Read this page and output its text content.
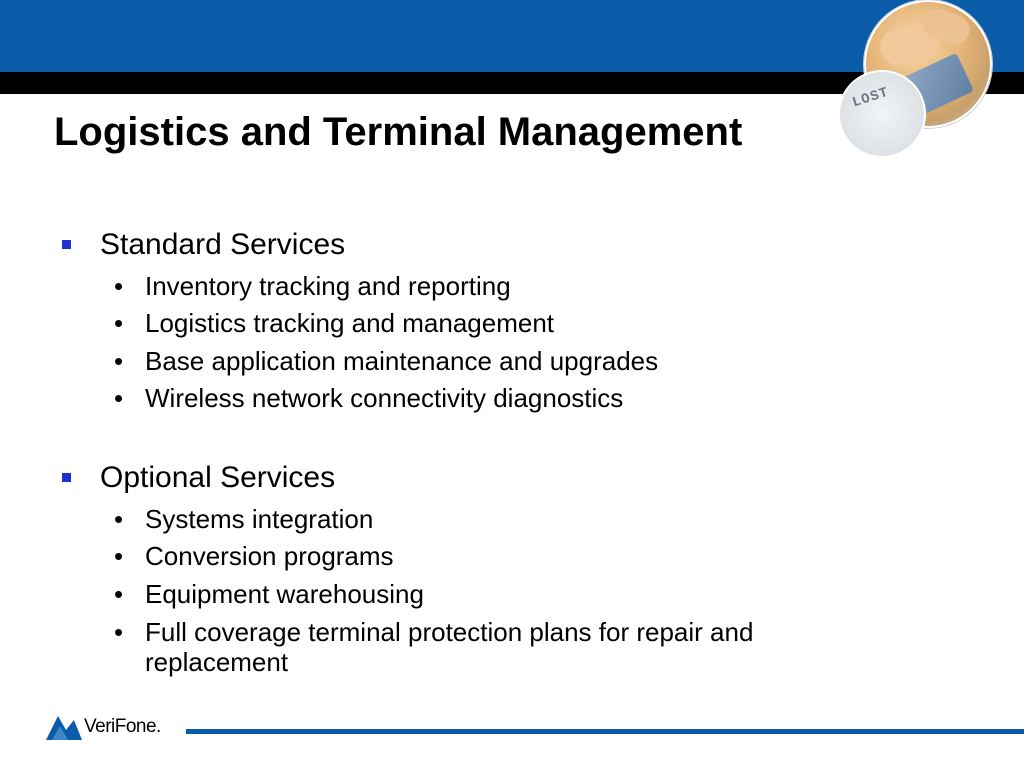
LOST
Logistics and Terminal Management
Standard Services
• Inventory tracking and reporting
• Logistics tracking and management
• Base application maintenance and upgrades
• Wireless network connectivity diagnostics
Optional Services
• Systems integration
• Conversion programs
• Equipment warehousing
• Full coverage terminal protection plans for repair and
replacement
VeriFone.
